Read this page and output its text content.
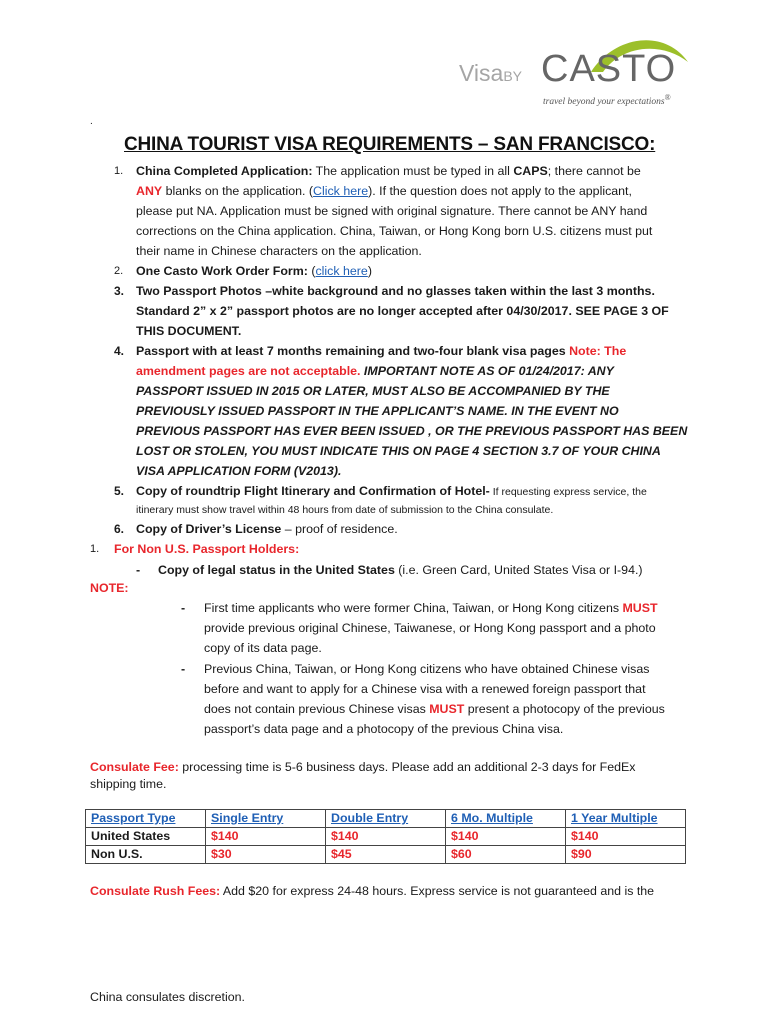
VisaBY CASTO
travel beyond your expectations®
.
CHINA TOURIST VISA REQUIREMENTS – SAN FRANCISCO:
1. China Completed Application: The application must be typed in all CAPS; there cannot be
ANY blanks on the application. (Click here). If the question does not apply to the applicant,
please put NA. Application must be signed with original signature. There cannot be ANY hand
corrections on the China application. China, Taiwan, or Hong Kong born U.S. citizens must put
their name in Chinese characters on the application.
2. One Casto Work Order Form: (click here)
3. Two Passport Photos –white background and no glasses taken within the last 3 months.
Standard 2” x 2” passport photos are no longer accepted after 04/30/2017. SEE PAGE 3 OF
THIS DOCUMENT.
4. Passport with at least 7 months remaining and two-four blank visa pages Note: The
amendment pages are not acceptable. IMPORTANT NOTE AS OF 01/24/2017: ANY
PASSPORT ISSUED IN 2015 OR LATER, MUST ALSO BE ACCOMPANIED BY THE
PREVIOUSLY ISSUED PASSPORT IN THE APPLICANT’S NAME. IN THE EVENT NO
PREVIOUS PASSPORT HAS EVER BEEN ISSUED , OR THE PREVIOUS PASSPORT HAS BEEN
LOST OR STOLEN, YOU MUST INDICATE THIS ON PAGE 4 SECTION 3.7 OF YOUR CHINA
VISA APPLICATION FORM (V2013).
5. Copy of roundtrip Flight Itinerary and Confirmation of Hotel- If requesting express service, the
itinerary must show travel within 48 hours from date of submission to the China consulate.
6. Copy of Driver’s License – proof of residence.
1. For Non U.S. Passport Holders:
- Copy of legal status in the United States (i.e. Green Card, United States Visa or I-94.)
NOTE:
- First time applicants who were former China, Taiwan, or Hong Kong citizens MUST
provide previous original Chinese, Taiwanese, or Hong Kong passport and a photo
copy of its data page.
- Previous China, Taiwan, or Hong Kong citizens who have obtained Chinese visas
before and want to apply for a Chinese visa with a renewed foreign passport that
does not contain previous Chinese visas MUST present a photocopy of the previous
passport’s data page and a photocopy of the previous China visa.
Consulate Fee: processing time is 5-6 business days. Please add an additional 2-3 days for FedEx
shipping time.
Passport Type	Single Entry	Double Entry	6 Mo. Multiple	1 Year Multiple
United States	$140	$140	$140	$140
Non U.S.	$30	$45	$60	$90
Consulate Rush Fees: Add $20 for express 24-48 hours. Express service is not guaranteed and is the
China consulates discretion.
